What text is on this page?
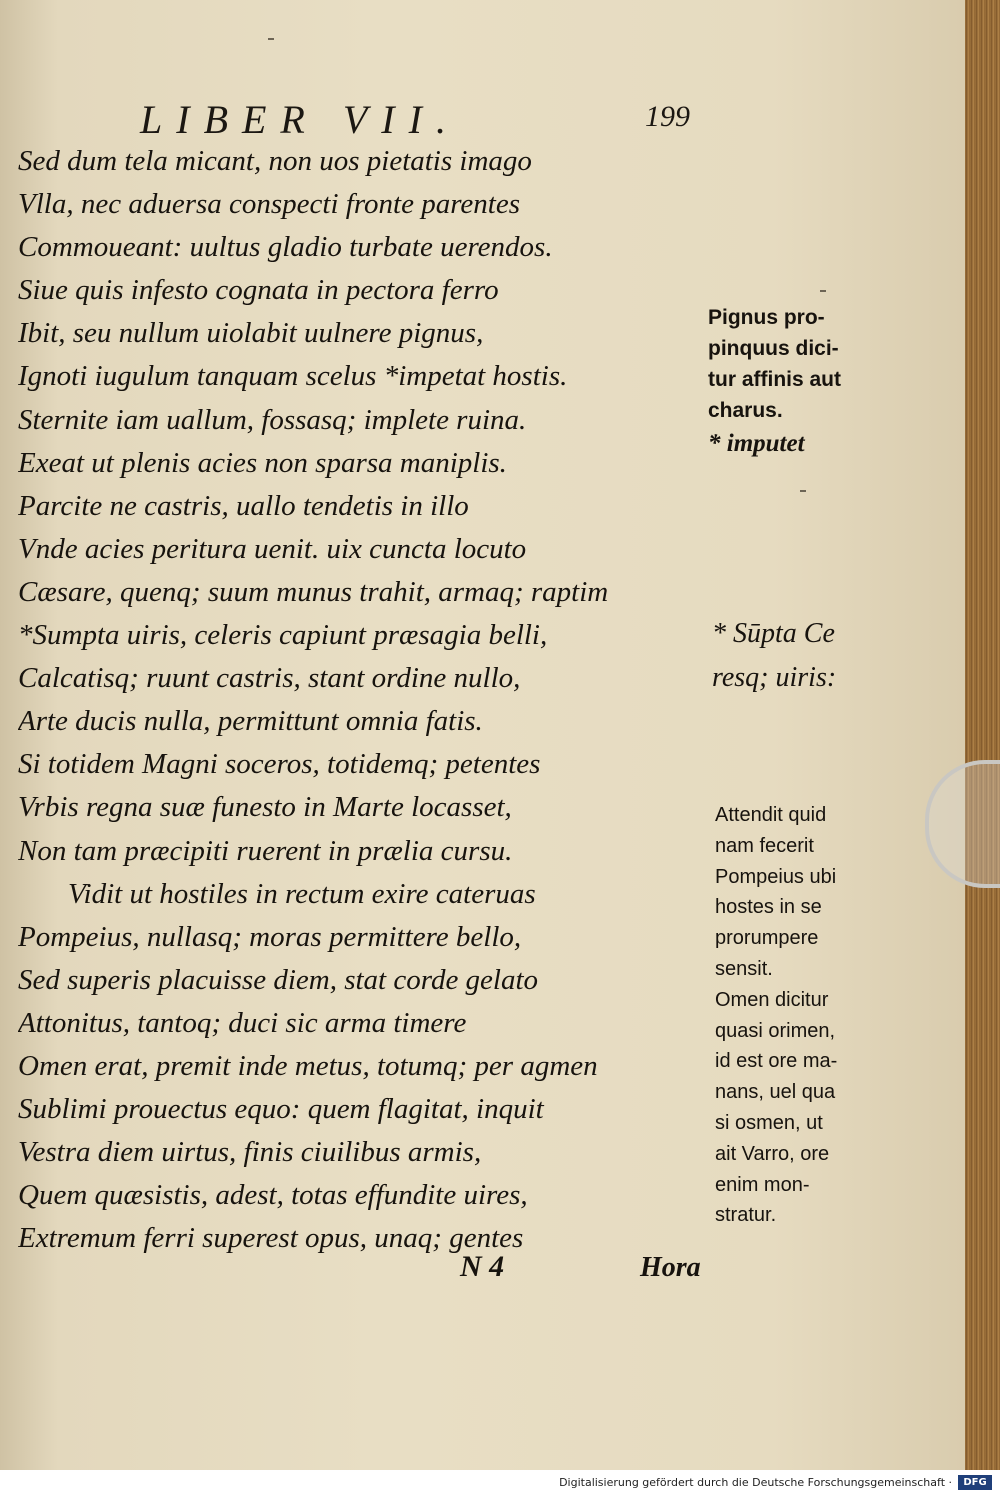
LIBER VII.	199
Sed dum tela micant, non uos pietatis imago
Vlla, nec aduersa conspecti fronte parentes
Commoueant: uultus gladio turbate uerendos.
Siue quis infesto cognata in pectora ferro
Ibit, seu nullum uiolabit uulnere pignus,
Ignoti iugulum tanquam scelus *impetat hostis.
Sternite iam uallum, fossasq; implete ruina.
Exeat ut plenis acies non sparsa maniplis.
Parcite ne castris, uallo tendetis in illo
Vnde acies peritura uenit. uix cuncta locuto
Cæsare, quenq; suum munus trahit, armaq; raptim
*Sumpta uiris, celeris capiunt præsagia belli,
Calcatisq; ruunt castris, stant ordine nullo,
Arte ducis nulla, permittunt omnia fatis.
Si totidem Magni soceros, totidemq; petentes
Vrbis regna suæ funesto in Marte locasset,
Non tam præcipiti ruerent in prælia cursu.
Vidit ut hostiles in rectum exire cateruas
Pompeius, nullasq; moras permittere bello,
Sed superis placuisse diem, stat corde gelato
Attonitus, tantoq; duci sic arma timere
Omen erat, premit inde metus, totumq; per agmen
Sublimi prouectus equo: quem flagitat, inquit
Vestra diem uirtus, finis ciuilibus armis,
Quem quæsistis, adest, totas effundite uires,
Extremum ferri superest opus, unaq; gentes
Pignus pro-
pinquus dici-
tur affinis aut
charus.
* imputet
* Sūpta Ce
resq; uiris:
Attendit quid
nam fecerit
Pompeius ubi
hostes in se
prorumpere
sensit.
Omen dicitur
quasi orimen,
id est ore ma-
nans, uel qua
si osmen, ut
ait Varro, ore
enim mon-
stratur.
N 4	Hora
Digitalisierung gefördert durch die Deutsche Forschungsgemeinschaft ·	DFG
